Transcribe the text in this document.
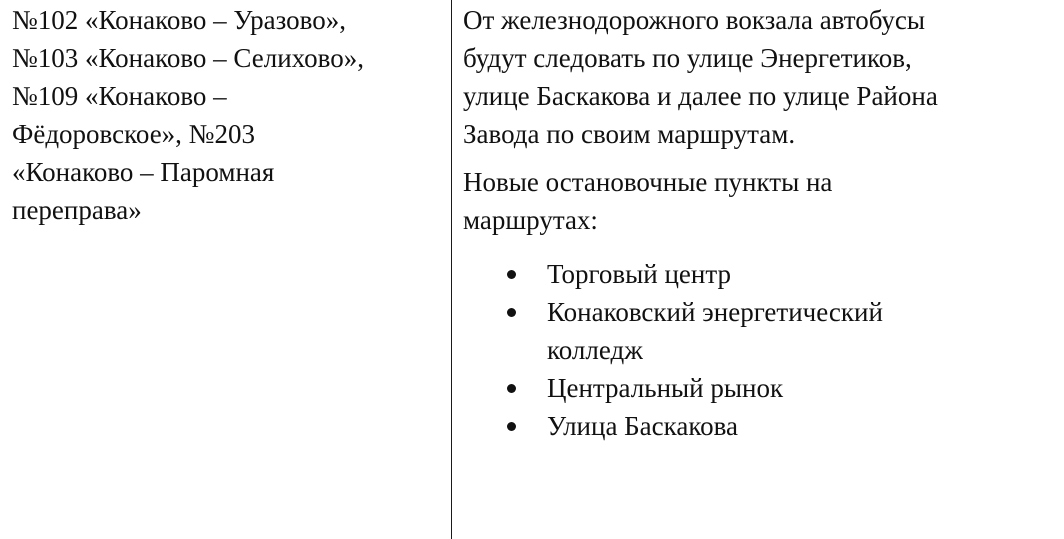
№102 «Конаково – Уразово»,

№103 «Конаково – Селихово»,

№109 «Конаково –

Фёдоровское», №203

«Конаково – Паромная

переправа»

От железнодорожного вокзала автобусы
будут следовать по улице Энергетиков,
улице Баскакова и далее по улице Района
Завода по своим маршрутам.

Новые остановочные пункты на
маршрутах:

Торговый центр
Конаковский энергетический
колледж
Центральный рынок
Улица Баскакова
